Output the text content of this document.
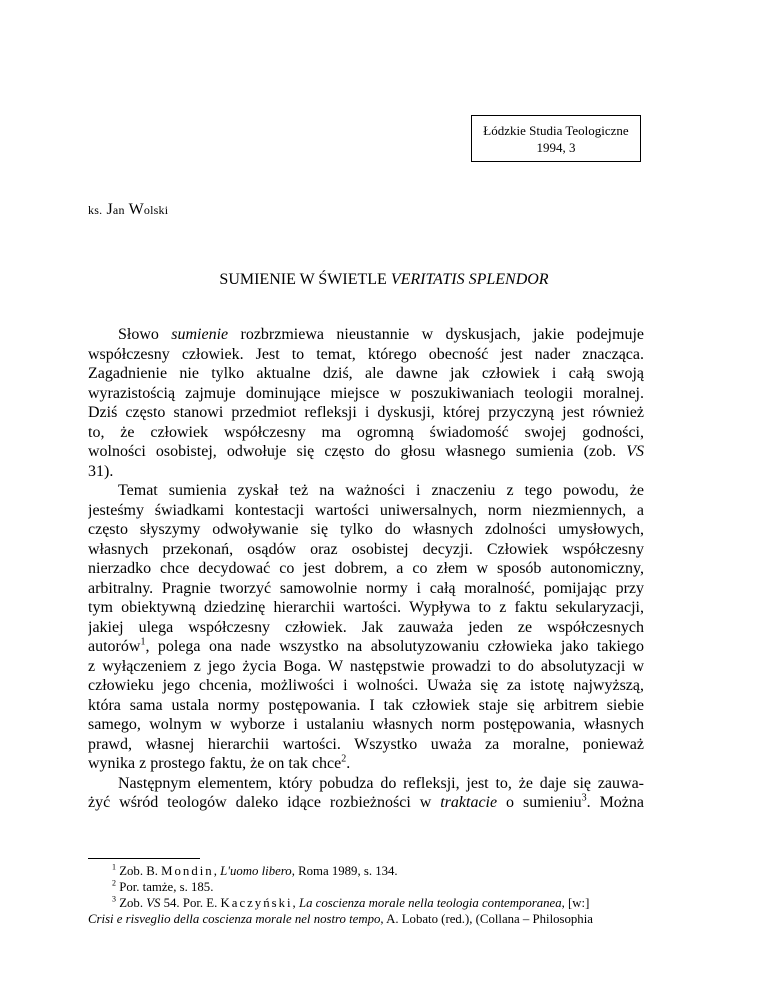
Łódzkie Studia Teologiczne
1994, 3
ks. Jan Wolski
SUMIENIE W ŚWIETLE VERITATIS SPLENDOR
Słowo sumienie rozbrzmiewa nieustannie w dyskusjach, jakie podejmuje
współczesny człowiek. Jest to temat, którego obecność jest nader znacząca.
Zagadnienie nie tylko aktualne dziś, ale dawne jak człowiek i całą swoją
wyrazistością zajmuje dominujące miejsce w poszukiwaniach teologii moralnej.
Dziś często stanowi przedmiot refleksji i dyskusji, której przyczyną jest również
to, że człowiek współczesny ma ogromną świadomość swojej godności,
wolności osobistej, odwołuje się często do głosu własnego sumienia (zob. VS
31).
Temat sumienia zyskał też na ważności i znaczeniu z tego powodu, że
jesteśmy świadkami kontestacji wartości uniwersalnych, norm niezmiennych, a
często słyszymy odwoływanie się tylko do własnych zdolności umysłowych,
własnych przekonań, osądów oraz osobistej decyzji. Człowiek współczesny
nierzadko chce decydować co jest dobrem, a co złem w sposób autonomiczny,
arbitralny. Pragnie tworzyć samowolnie normy i całą moralność, pomijając przy
tym obiektywną dziedzinę hierarchii wartości. Wypływa to z faktu sekularyzacji,
jakiej ulega współczesny człowiek. Jak zauważa jeden ze współczesnych
autorów$^1$, polega ona nade wszystko na absolutyzowaniu człowieka jako takiego
z wyłączeniem z jego życia Boga. W następstwie prowadzi to do absolutyzacji w
człowieku jego chcenia, możliwości i wolności. Uważa się za istotę najwyższą,
która sama ustala normy postępowania. I tak człowiek staje się arbitrem siebie
samego, wolnym w wyborze i ustalaniu własnych norm postępowania, własnych
prawd, własnej hierarchii wartości. Wszystko uważa za moralne, ponieważ
wynika z prostego faktu, że on tak chce$^2$.
Następnym elementem, który pobudza do refleksji, jest to, że daje się zauwa-
żyć wśród teologów daleko idące rozbieżności w traktacie o sumieniu$^3$. Można
$^1$ Zob. B. Mondin, L'uomo libero, Roma 1989, s. 134.
$^2$ Por. tamże, s. 185.
$^3$ Zob. VS 54. Por. E. Kaczyński, La coscienza morale nella teologia contemporanea, [w:]
Crisi e risveglio della coscienza morale nel nostro tempo, A. Lobato (red.), (Collana – Philosophia
